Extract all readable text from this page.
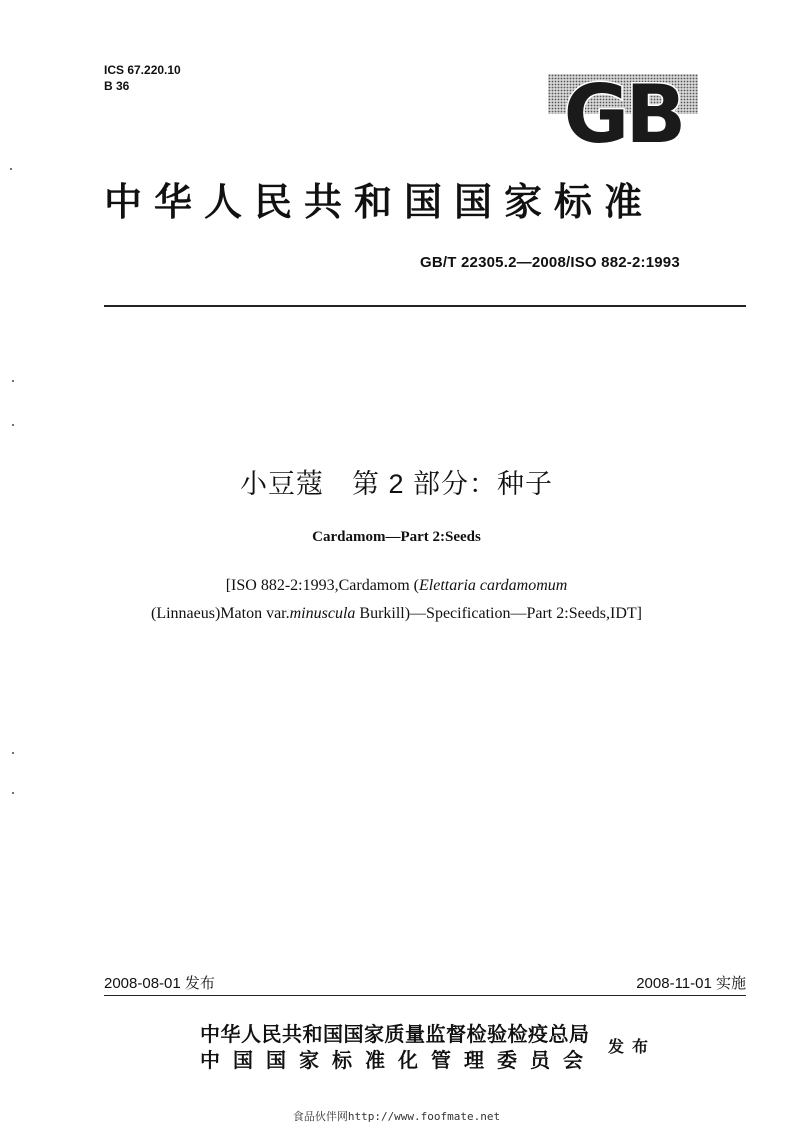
ICS 67.220.10
B 36	GB
中华人民共和国国家标准
GB/T 22305.2—2008/ISO 882-2:1993
小豆蔻　第 2 部分：种子
Cardamom—Part 2:Seeds
[ISO 882-2:1993,Cardamom (Elettaria cardamomum
(Linnaeus)Maton var.minuscula Burkill)—Specification—Part 2:Seeds,IDT]
2008-08-01 发布	2008-11-01 实施
中华人民共和国国家质量监督检验检疫总局
中国国家标准化管理委员会
发布
食品伙伴网http://www.foofmate.net
